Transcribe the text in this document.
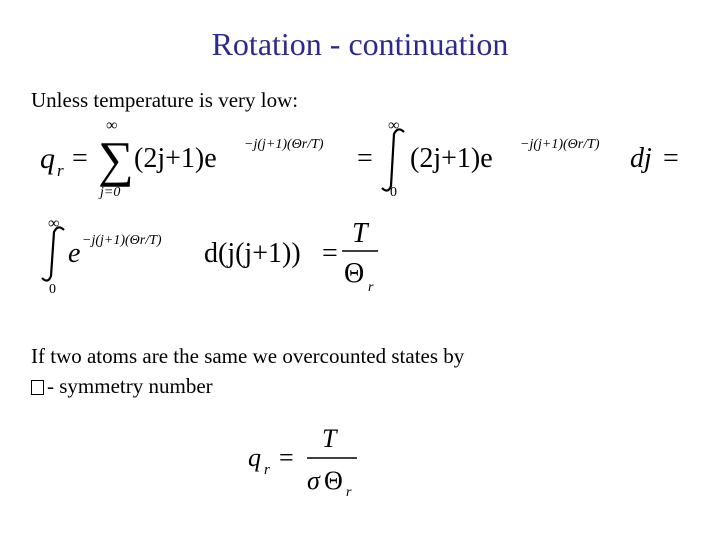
Rotation - continuation
Unless temperature is very low:
q r =
∞
∑
j=0
(2j+1)e −j(j+1)(Θr/T) =
∞
0
(2j+1)e −j(j+1)(Θr/T) dj =
∞
0
e −j(j+1)(Θr/T) d(j(j+1)) =
T
Θ r
q r =
T
σ Θ r
If two atoms are the same we overcounted states by
- symmetry number
